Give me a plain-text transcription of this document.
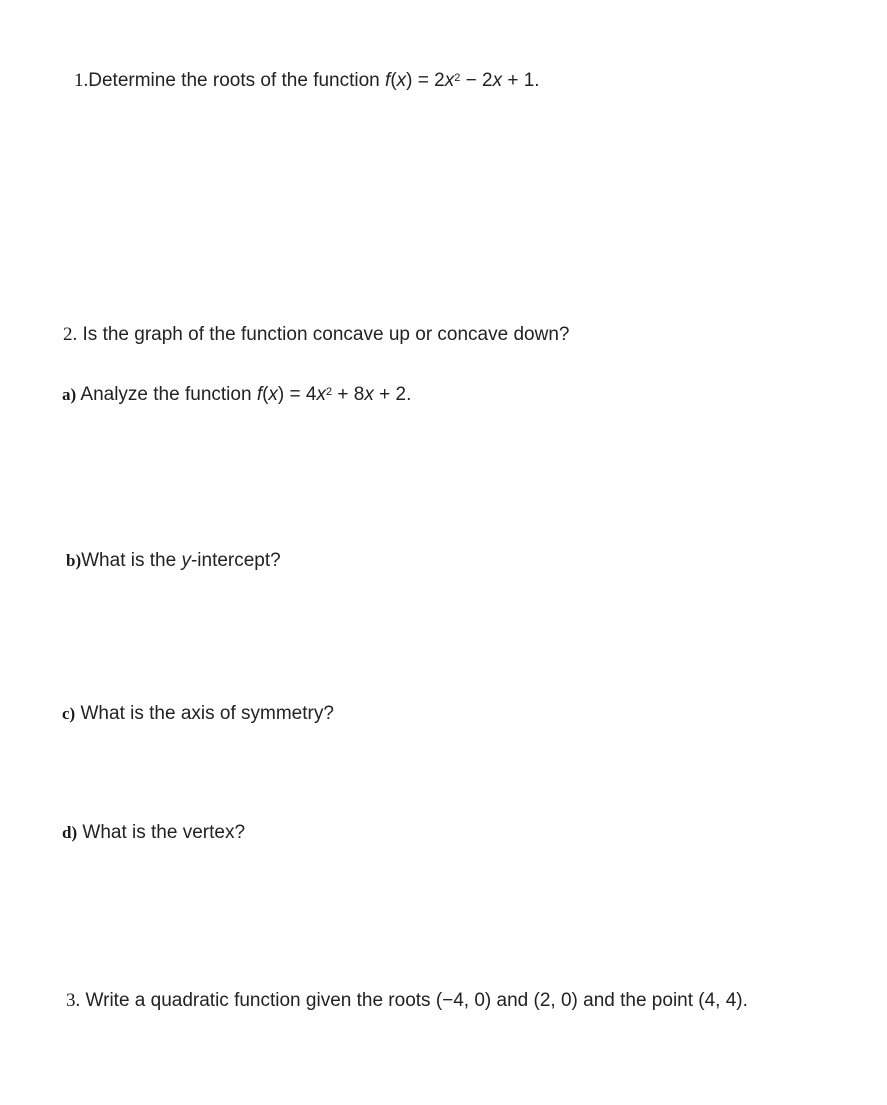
1.Determine the roots of the function $f(x) = 2x^2 - 2x + 1$.
2. Is the graph of the function concave up or concave down?
a) Analyze the function $f(x) = 4x^2 + 8x + 2$.
b)What is the y-intercept?
c) What is the axis of symmetry?
d) What is the vertex?
3. Write a quadratic function given the roots (−4, 0) and (2, 0) and the point (4, 4).
